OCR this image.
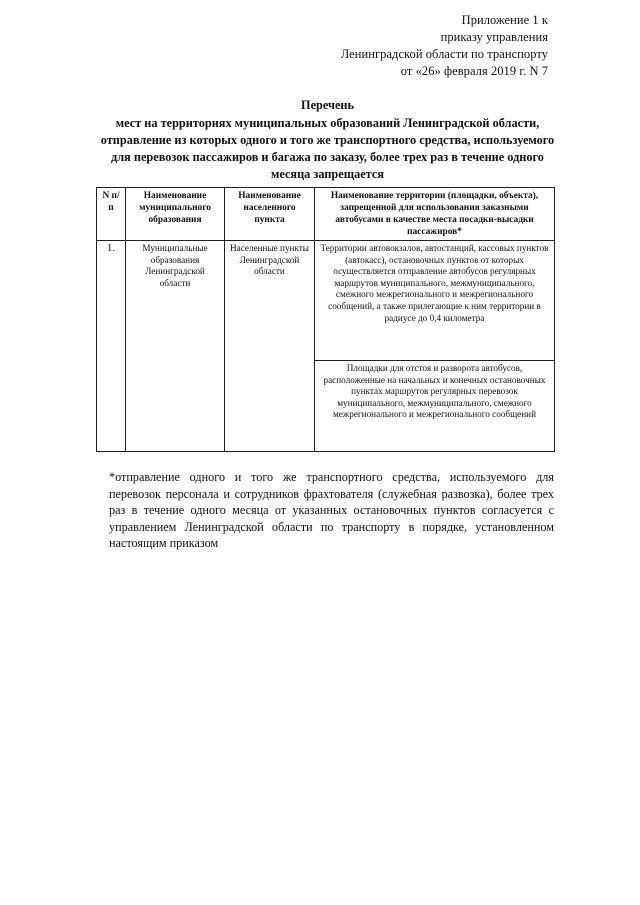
Приложение 1 к
приказу управления
Ленинградской области по транспорту
от «26» февраля 2019 г. N 7
Перечень
мест на территориях муниципальных образований Ленинградской области, отправление из которых одного и того же транспортного средства, используемого для перевозок пассажиров и багажа по заказу, более трех раз в течение одного месяца запрещается
N п/п	Наименование муниципального образования	Наименование населенного пункта	Наименование территории (площадки, объекта), запрещенной для использования заказными автобусами в качестве места посадки-высадки пассажиров*
1.	Муниципальные образования Ленинградской области	Населенные пункты Ленинградской области	Территории автовокзалов, автостанций, кассовых пунктов (автокасс), остановочных пунктов от которых осуществляется отправление автобусов регулярных маршрутов муниципального, межмуниципального, смежного межрегионального и межрегионального сообщений, а также прилегающие к ним территории в радиусе до 0,4 километра
			Площадки для отстоя и разворота автобусов, расположенные на начальных и конечных остановочных пунктах маршрутов регулярных перевозок муниципального, межмуниципального, смежного межрегионального и межрегионального сообщений
*отправление одного и того же транспортного средства, используемого для перевозок персонала и сотрудников фрахтователя (служебная развозка), более трех раз в течение одного месяца от указанных остановочных пунктов согласуется с управлением Ленинградской области по транспорту в порядке, установленном настоящим приказом
